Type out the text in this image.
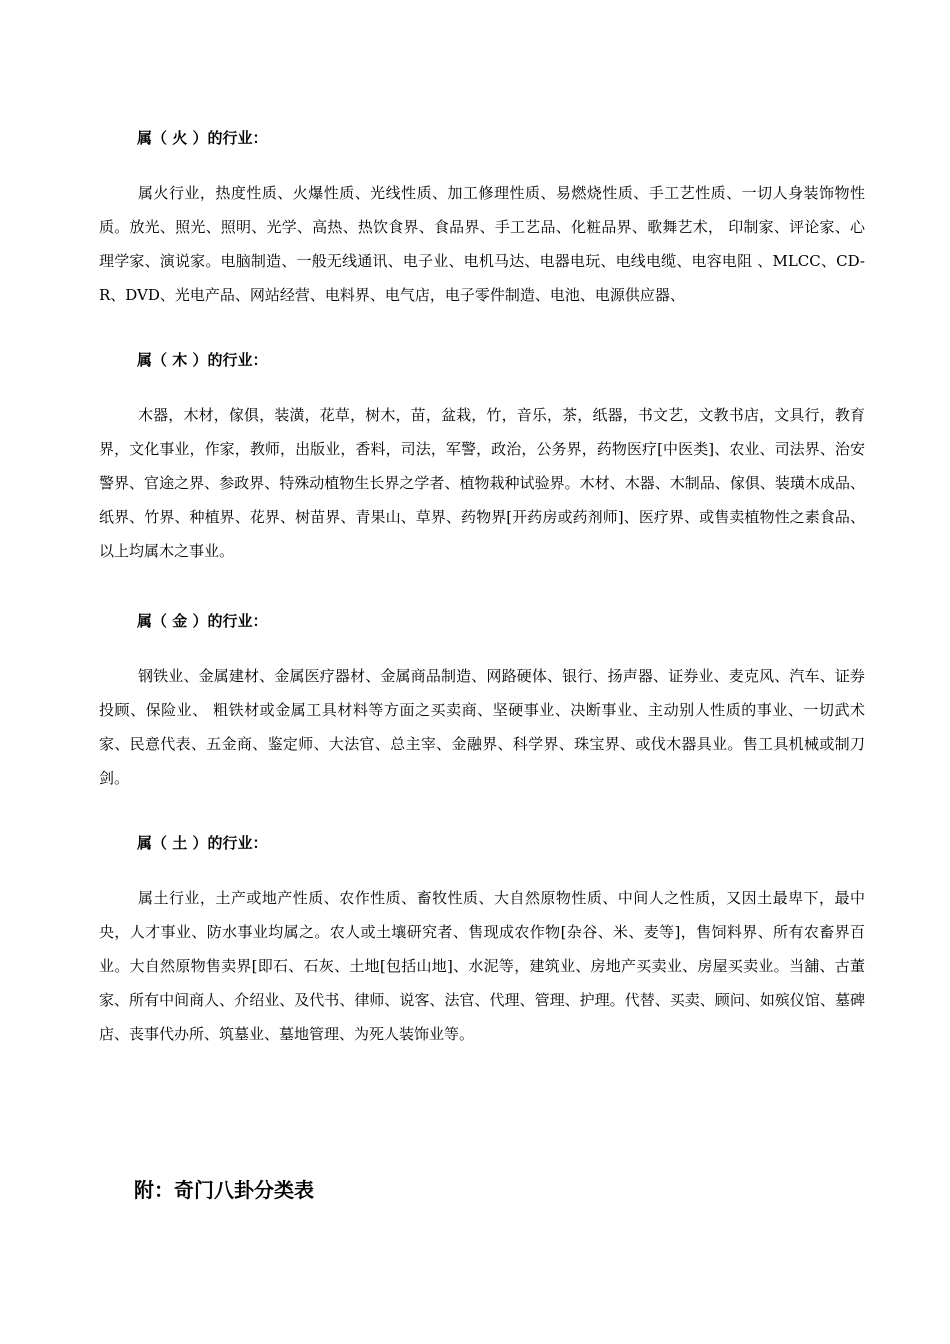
属（ 火 ）的行业：

属火行业，热度性质、火爆性质、光线性质、加工修理性质、易燃烧性质、手工艺性质、一切人身装饰物性质。放光、照光、照明、光学、高热、热饮食界、食品界、手工艺品、化粧品界、歌舞艺术， 印制家、评论家、心理学家、演说家。电脑制造、一般无线通讯、电子业、电机马达、电器电玩、电线电缆、电容电阻 、MLCC、CD-R、DVD、光电产品、网站经营、电料界、电气店，电子零件制造、电池、电源供应器、

属（ 木 ）的行业：

木器，木材，傢俱，装潢，花草，树木，苗，盆栽，竹，音乐，茶，纸器，书文艺，文教书店，文具行，教育界，文化事业，作家，教师，出版业，香料，司法，军警，政治，公务界，药物医疗[中医类]、农业、司法界、治安警界、官途之界、参政界、特殊动植物生长界之学者、植物栽种试验界。木材、木器、木制品、傢俱、装璜木成品、纸界、竹界、种植界、花界、树苗界、青果山、草界、药物界[开药房或药剂师]、医疗界、或售卖植物性之素食品、以上均属木之事业。

属（ 金 ）的行业：

钢铁业、金属建材、金属医疗器材、金属商品制造、网路硬体、银行、扬声器、证券业、麦克风、汽车、证券投顾、保险业、 粗铁材或金属工具材料等方面之买卖商、坚硬事业、决断事业、主动别人性质的事业、一切武术家、民意代表、五金商、鉴定师、大法官、总主宰、金融界、科学界、珠宝界、或伐木器具业。售工具机械或制刀剑。

属（ 土 ）的行业：

属土行业，土产或地产性质、农作性质、畜牧性质、大自然原物性质、中间人之性质，又因土最卑下，最中央，人才事业、防水事业均属之。农人或土壤研究者、售现成农作物[杂谷、米、麦等]，售饲料界、所有农畜界百业。大自然原物售卖界[即石、石灰、土地[包括山地]、水泥等，建筑业、房地产买卖业、房屋买卖业。当舖、古董家、所有中间商人、介绍业、及代书、律师、说客、法官、代理、管理、护理。代替、买卖、顾问、如殡仪馆、墓碑店、丧事代办所、筑墓业、墓地管理、为死人装饰业等。

附：奇门八卦分类表
